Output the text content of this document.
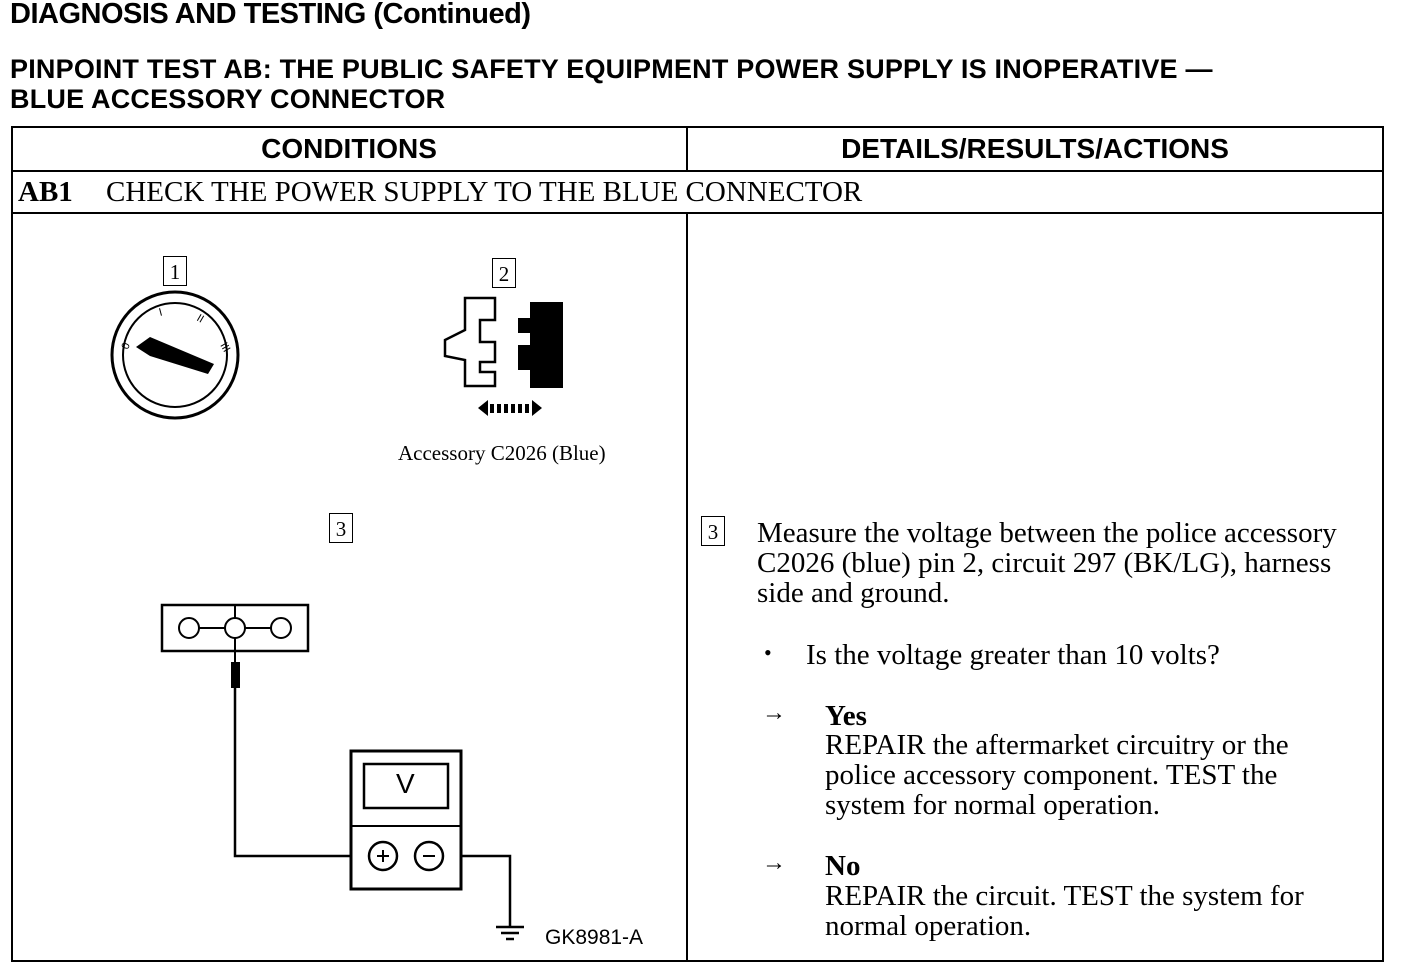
DIAGNOSIS AND TESTING (Continued)
PINPOINT TEST AB: THE PUBLIC SAFETY EQUIPMENT POWER SUPPLY IS INOPERATIVE —
BLUE ACCESSORY CONNECTOR
CONDITIONS	DETAILS/RESULTS/ACTIONS
AB1 CHECK THE POWER SUPPLY TO THE BLUE CONNECTOR
1	2
3	3
0
I	II
III
V
Accessory C2026 (Blue)
GK8981-A
Measure the voltage between the police accessory C2026 (blue) pin 2, circuit 297 (BK/LG), harness side and ground.
• Is the voltage greater than 10 volts?
→ Yes
REPAIR the aftermarket circuitry or the police accessory component. TEST the system for normal operation.
→ No
REPAIR the circuit. TEST the system for normal operation.
